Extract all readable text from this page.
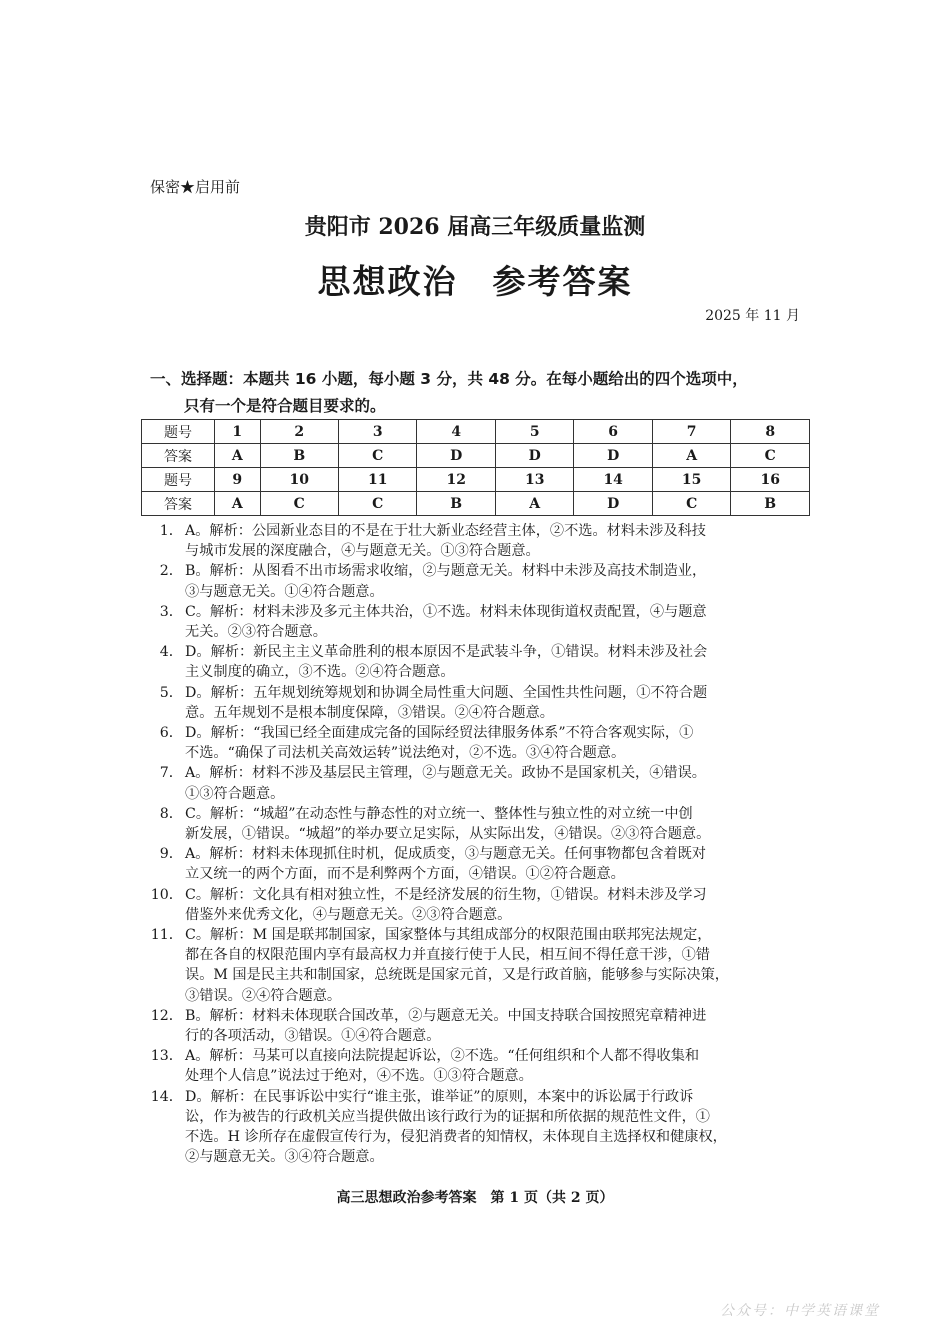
保密★启用前
贵阳市 2026 届高三年级质量监测
思想政治　参考答案
2025 年 11 月
一、选择题：本题共 16 小题，每小题 3 分，共 48 分。在每小题给出的四个选项中，
只有一个是符合题目要求的。
题号	1	2	3	4	5	6	7	8
答案	A	B	C	D	D	D	A	C
题号	9	10	11	12	13	14	15	16
答案	A	C	C	B	A	D	C	B
1． A。解析：公园新业态目的不是在于壮大新业态经营主体，②不选。材料未涉及科技
与城市发展的深度融合，④与题意无关。①③符合题意。
2． B。解析：从图看不出市场需求收缩，②与题意无关。材料中未涉及高技术制造业，
③与题意无关。①④符合题意。
3． C。解析：材料未涉及多元主体共治，①不选。材料未体现街道权责配置，④与题意
无关。②③符合题意。
4． D。解析：新民主主义革命胜利的根本原因不是武装斗争，①错误。材料未涉及社会
主义制度的确立，③不选。②④符合题意。
5． D。解析：五年规划统筹规划和协调全局性重大问题、全国性共性问题，①不符合题
意。五年规划不是根本制度保障，③错误。②④符合题意。
6． D。解析：“我国已经全面建成完备的国际经贸法律服务体系”不符合客观实际，①
不选。“确保了司法机关高效运转”说法绝对，②不选。③④符合题意。
7． A。解析：材料不涉及基层民主管理，②与题意无关。政协不是国家机关，④错误。
①③符合题意。
8． C。解析：“城超”在动态性与静态性的对立统一、整体性与独立性的对立统一中创
新发展，①错误。“城超”的举办要立足实际，从实际出发，④错误。②③符合题意。
9． A。解析：材料未体现抓住时机，促成质变，③与题意无关。任何事物都包含着既对
立又统一的两个方面，而不是利弊两个方面，④错误。①②符合题意。
10． C。解析：文化具有相对独立性，不是经济发展的衍生物，①错误。材料未涉及学习
借鉴外来优秀文化，④与题意无关。②③符合题意。
11． C。解析：M 国是联邦制国家，国家整体与其组成部分的权限范围由联邦宪法规定，
都在各自的权限范围内享有最高权力并直接行使于人民，相互间不得任意干涉，①错
误。M 国是民主共和制国家，总统既是国家元首，又是行政首脑，能够参与实际决策，
③错误。②④符合题意。
12． B。解析：材料未体现联合国改革，②与题意无关。中国支持联合国按照宪章精神进
行的各项活动，③错误。①④符合题意。
13． A。解析：马某可以直接向法院提起诉讼，②不选。“任何组织和个人都不得收集和
处理个人信息”说法过于绝对，④不选。①③符合题意。
14． D。解析：在民事诉讼中实行“谁主张，谁举证”的原则，本案中的诉讼属于行政诉
讼，作为被告的行政机关应当提供做出该行政行为的证据和所依据的规范性文件，①
不选。H 诊所存在虚假宣传行为，侵犯消费者的知情权，未体现自主选择权和健康权，
②与题意无关。③④符合题意。
高三思想政治参考答案　第 1 页（共 2 页）
公众号：中学英语课堂
